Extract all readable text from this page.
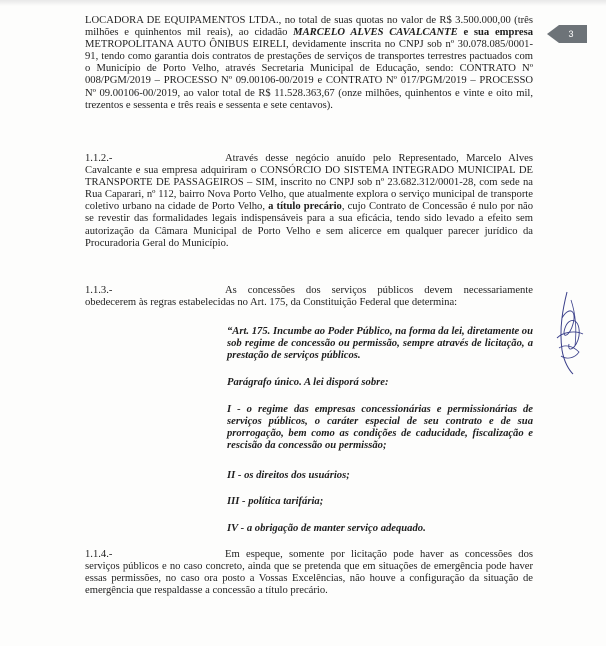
3
LOCADORA DE EQUIPAMENTOS LTDA., no total de suas quotas no valor de R$ 3.500.000,00 (três milhões e quinhentos mil reais), ao cidadão MARCELO ALVES CAVALCANTE e sua empresa METROPOLITANA AUTO ÔNIBUS EIRELI, devidamente inscrita no CNPJ sob nº 30.078.085/0001-91, tendo como garantia dois contratos de prestações de serviços de transportes terrestres pactuados com o Município de Porto Velho, através Secretaria Municipal de Educação, sendo: CONTRATO Nº 008/PGM/2019 – PROCESSO Nº 09.00106-00/2019 e CONTRATO Nº 017/PGM/2019 – PROCESSO Nº 09.00106-00/2019, ao valor total de R$ 11.528.363,67 (onze milhões, quinhentos e vinte e oito mil, trezentos e sessenta e três reais e sessenta e sete centavos).
1.1.2.-	Através desse negócio anuído pelo Representado, Marcelo Alves Cavalcante e sua empresa adquiriram o CONSÓRCIO DO SISTEMA INTEGRADO MUNICIPAL DE TRANSPORTE DE PASSAGEIROS – SIM, inscrito no CNPJ sob nº 23.682.312/0001-28, com sede na Rua Caparari, nº 112, bairro Nova Porto Velho, que atualmente explora o serviço municipal de transporte coletivo urbano na cidade de Porto Velho, a título precário, cujo Contrato de Concessão é nulo por não se revestir das formalidades legais indispensáveis para a sua eficácia, tendo sido levado a efeito sem autorização da Câmara Municipal de Porto Velho e sem alicerce em qualquer parecer jurídico da Procuradoria Geral do Município.
1.1.3.-	As concessões dos serviços públicos devem necessariamente obedecerem às regras estabelecidas no Art. 175, da Constituição Federal que determina:
“Art. 175. Incumbe ao Poder Público, na forma da lei, diretamente ou sob regime de concessão ou permissão, sempre através de licitação, a prestação de serviços públicos.
Parágrafo único. A lei disporá sobre:
I - o regime das empresas concessionárias e permissionárias de serviços públicos, o caráter especial de seu contrato e de sua prorrogação, bem como as condições de caducidade, fiscalização e rescisão da concessão ou permissão;
II - os direitos dos usuários;
III - política tarifária;
IV - a obrigação de manter serviço adequado.
1.1.4.-	Em espeque, somente por licitação pode haver as concessões dos serviços públicos e no caso concreto, ainda que se pretenda que em situações de emergência pode haver essas permissões, no caso ora posto a Vossas Excelências, não houve a configuração da situação de emergência que respaldasse a concessão a título precário.
